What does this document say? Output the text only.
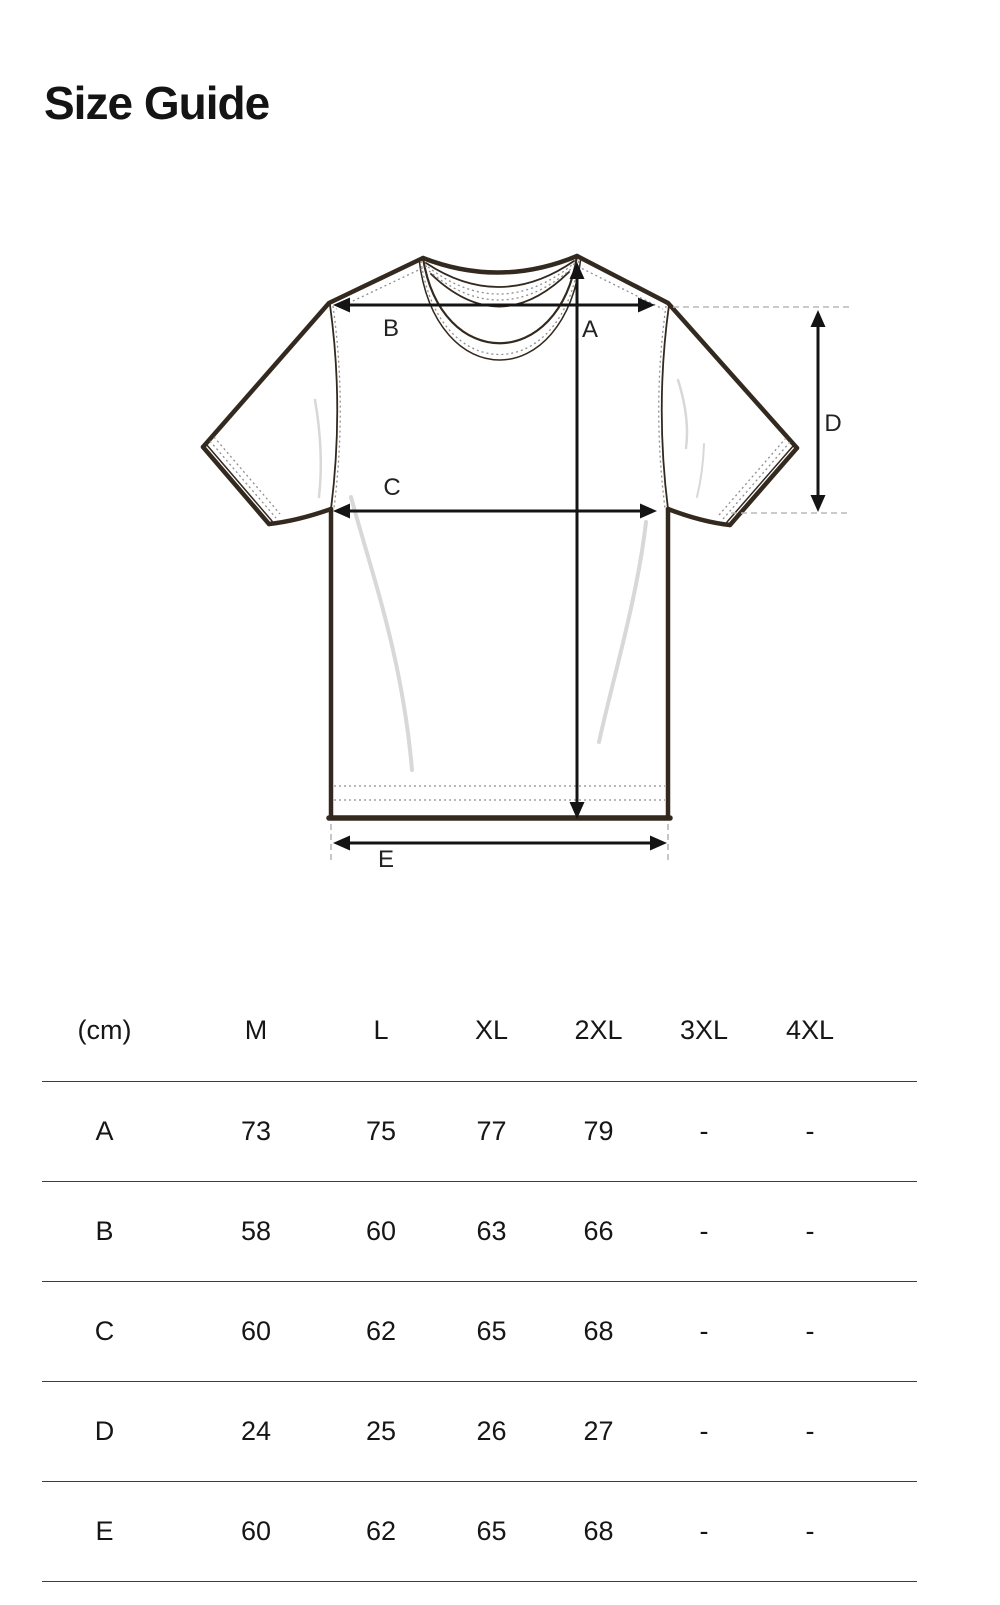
Size Guide
B	A
C
D
E
(cm)	M	L	XL	2XL	3XL	4XL
A	73	75	77	79	-	-
B	58	60	63	66	-	-
C	60	62	65	68	-	-
D	24	25	26	27	-	-
E	60	62	65	68	-	-
